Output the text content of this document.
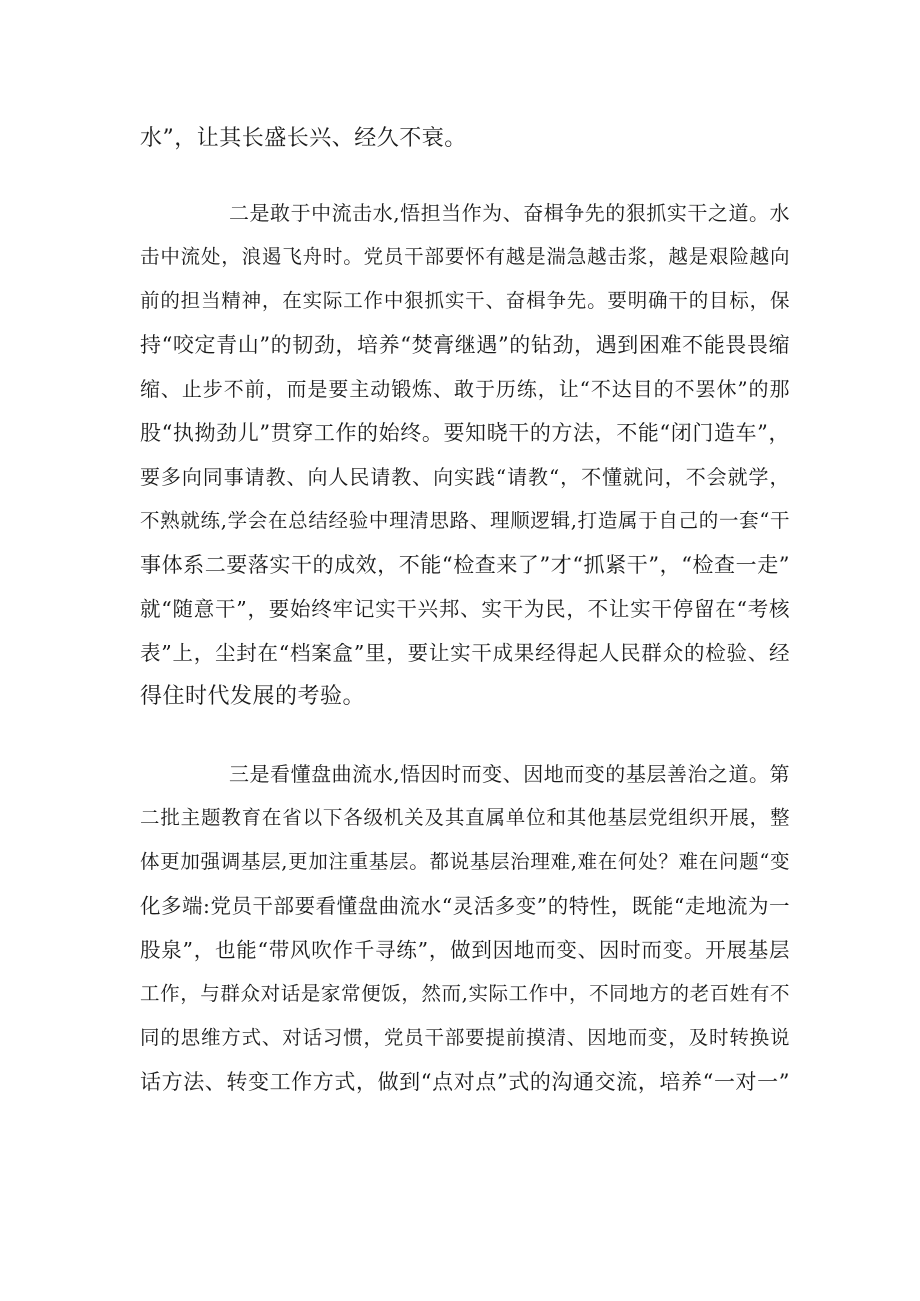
水”，让其长盛长兴、经久不衰。
二是敢于中流击水,悟担当作为、奋楫争先的狠抓实干之道。水
击中流处，浪遏飞舟时。党员干部要怀有越是湍急越击浆，越是艰险越向
前的担当精神，在实际工作中狠抓实干、奋楫争先。要明确干的目标，保
持“咬定青山”的韧劲，培养“焚膏继遇”的钻劲，遇到困难不能畏畏缩
缩、止步不前，而是要主动锻炼、敢于历练，让“不达目的不罢休”的那
股“执拗劲儿”贯穿工作的始终。要知晓干的方法，不能“闭门造车”，
要多向同事请教、向人民请教、向实践“请教“，不懂就问，不会就学，
不熟就练,学会在总结经验中理清思路、理顺逻辑,打造属于自己的一套“干
事体系二要落实干的成效，不能“检查来了”才“抓紧干”，“检查一走”
就“随意干”，要始终牢记实干兴邦、实干为民，不让实干停留在“考核
表”上，尘封在“档案盒”里，要让实干成果经得起人民群众的检验、经
得住时代发展的考验。
三是看懂盘曲流水,悟因时而变、因地而变的基层善治之道。第
二批主题教育在省以下各级机关及其直属单位和其他基层党组织开展，整
体更加强调基层,更加注重基层。都说基层治理难,难在何处？难在问题“变
化多端:党员干部要看懂盘曲流水“灵活多变”的特性，既能“走地流为一
股泉”，也能“带风吹作千寻练”，做到因地而变、因时而变。开展基层
工作，与群众对话是家常便饭，然而,实际工作中，不同地方的老百姓有不
同的思维方式、对话习惯，党员干部要提前摸清、因地而变，及时转换说
话方法、转变工作方式，做到“点对点”式的沟通交流，培养“一对一”
